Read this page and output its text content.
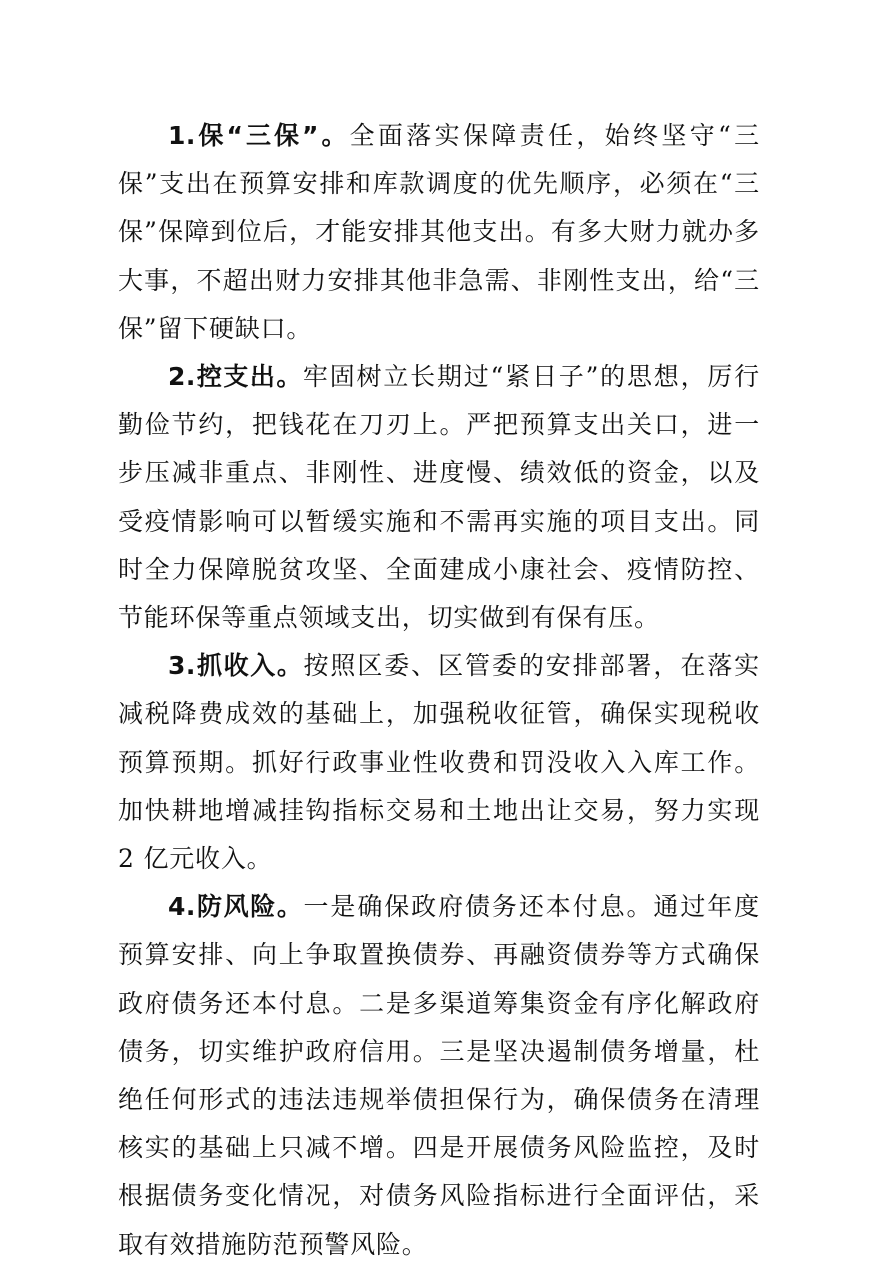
1.保“三保”。全面落实保障责任，始终坚守“三保”支出在预算安排和库款调度的优先顺序，必须在“三保”保障到位后，才能安排其他支出。有多大财力就办多大事，不超出财力安排其他非急需、非刚性支出，给“三保”留下硬缺口。

2.控支出。牢固树立长期过“紧日子”的思想，厉行勤俭节约，把钱花在刀刃上。严把预算支出关口，进一步压减非重点、非刚性、进度慢、绩效低的资金，以及受疫情影响可以暂缓实施和不需再实施的项目支出。同时全力保障脱贫攻坚、全面建成小康社会、疫情防控、节能环保等重点领域支出，切实做到有保有压。

3.抓收入。按照区委、区管委的安排部署，在落实减税降费成效的基础上，加强税收征管，确保实现税收预算预期。抓好行政事业性收费和罚没收入入库工作。加快耕地增减挂钩指标交易和土地出让交易，努力实现 2 亿元收入。

4.防风险。一是确保政府债务还本付息。通过年度预算安排、向上争取置换债券、再融资债券等方式确保政府债务还本付息。二是多渠道筹集资金有序化解政府债务，切实维护政府信用。三是坚决遏制债务增量，杜绝任何形式的违法违规举债担保行为，确保债务在清理核实的基础上只减不增。四是开展债务风险监控，及时根据债务变化情况，对债务风险指标进行全面评估，采取有效措施防范预警风险。
